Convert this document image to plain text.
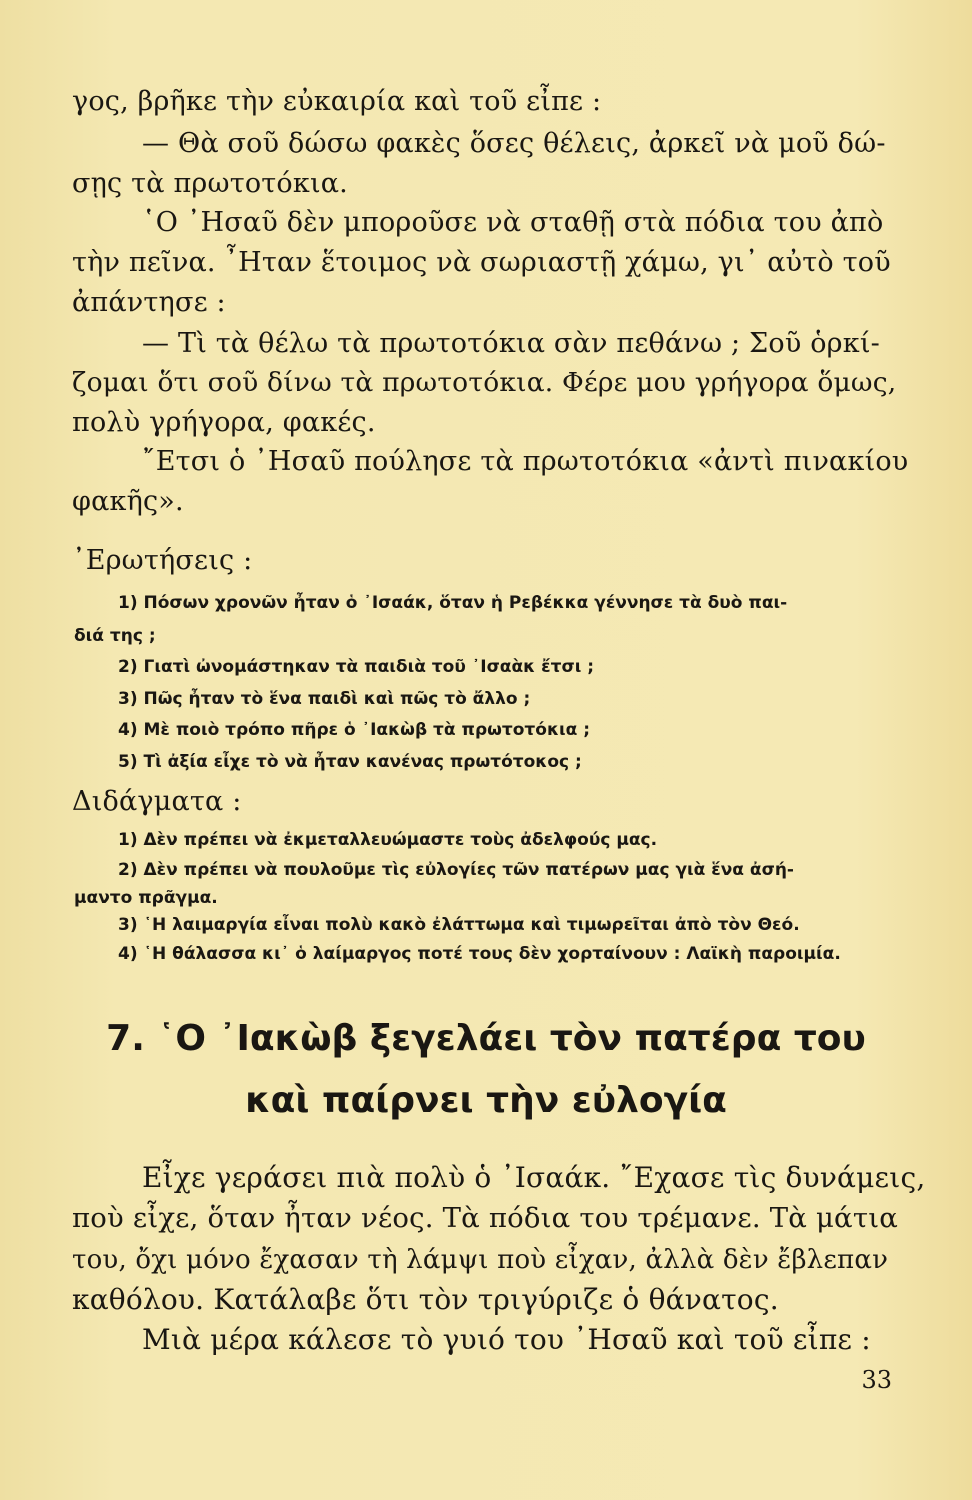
γος, βρῆκε τὴν εὐκαιρία καὶ τοῦ εἶπε :

— Θὰ σοῦ δώσω φακὲς ὅσες θέλεις, ἀρκεῖ νὰ μοῦ δώ-

σῃς τὰ πρωτοτόκια.

῾Ο ᾿Ησαῦ δὲν μποροῦσε νὰ σταθῇ στὰ πόδια του ἀπὸ

τὴν πεῖνα. ῏Ηταν ἕτοιμος νὰ σωριαστῇ χάμω, γι᾿ αὐτὸ τοῦ

ἀπάντησε :

— Τὶ τὰ θέλω τὰ πρωτοτόκια σὰν πεθάνω ; Σοῦ ὁρκί-

ζομαι ὅτι σοῦ δίνω τὰ πρωτοτόκια. Φέρε μου γρήγορα ὅμως,

πολὺ γρήγορα, φακές.

῎Ετσι ὁ ᾿Ησαῦ πούλησε τὰ πρωτοτόκια «ἀντὶ πινακίου

φακῆς».

᾿Ερωτήσεις :

1) Πόσων χρονῶν ἦταν ὁ ᾿Ισαάκ, ὅταν ἡ Ρεβέκκα γέννησε τὰ δυὸ παι-

διά της ;

2) Γιατὶ ὠνομάστηκαν τὰ παιδιὰ τοῦ ᾿Ισαὰκ ἔτσι ;

3) Πῶς ἦταν τὸ ἕνα παιδὶ καὶ πῶς τὸ ἄλλο ;

4) Μὲ ποιὸ τρόπο πῆρε ὁ ᾿Ιακὼβ τὰ πρωτοτόκια ;

5) Τὶ ἀξία εἶχε τὸ νὰ ἦταν κανένας πρωτότοκος ;

Διδάγματα :

1) Δὲν πρέπει νὰ ἐκμεταλλευώμαστε τοὺς ἀδελφούς μας.

2) Δὲν πρέπει νὰ πουλοῦμε τὶς εὐλογίες τῶν πατέρων μας γιὰ ἕνα ἀσή-

μαντο πρᾶγμα.

3) ῾Η λαιμαργία εἶναι πολὺ κακὸ ἐλάττωμα καὶ τιμωρεῖται ἀπὸ τὸν Θεό.

4) ῾Η θάλασσα κι᾿ ὁ λαίμαργος ποτέ τους δὲν χορταίνουν : Λαϊκὴ παροιμία.

7. ῾Ο ᾿Ιακὼβ ξεγελάει τὸν πατέρα του

καὶ παίρνει τὴν εὐλογία

Εἶχε γεράσει πιὰ πολὺ ὁ ᾿Ισαάκ. ῎Εχασε τὶς δυνάμεις,

ποὺ εἶχε, ὅταν ἦταν νέος. Τὰ πόδια του τρέμανε. Τὰ μάτια

του, ὄχι μόνο ἔχασαν τὴ λάμψι ποὺ εἶχαν, ἀλλὰ δὲν ἔβλεπαν

καθόλου. Κατάλαβε ὅτι τὸν τριγύριζε ὁ θάνατος.

Μιὰ μέρα κάλεσε τὸ γυιό του ᾿Ησαῦ καὶ τοῦ εἶπε :

33
